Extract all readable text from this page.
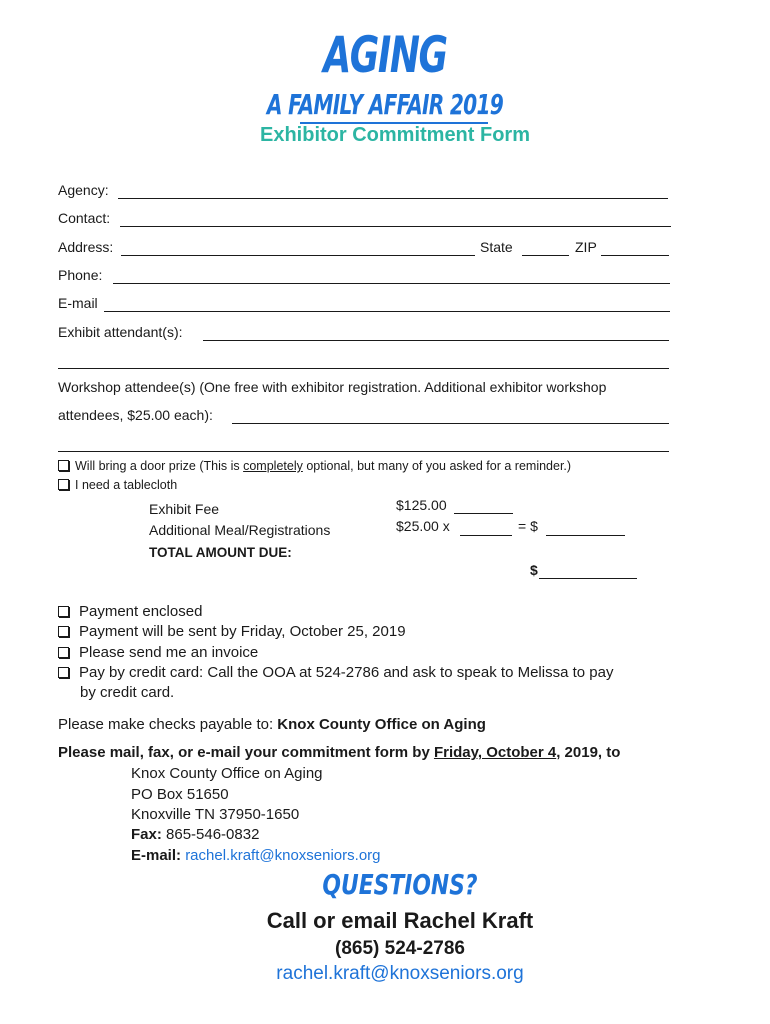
AGING
A FAMILY AFFAIR 2019
Exhibitor Commitment Form
Agency:
Contact:
Address:	State	ZIP
Phone:
E-mail
Exhibit attendant(s):
Workshop attendee(s) (One free with exhibitor registration. Additional exhibitor workshop
attendees, $25.00 each):
Will bring a door prize (This is completely optional, but many of you asked for a reminder.)
I need a tablecloth
Exhibit Fee	$125.00
Additional Meal/Registrations	$25.00 x	= $
TOTAL AMOUNT DUE:
$
Payment enclosed
Payment will be sent by Friday, October 25, 2019
Please send me an invoice
Pay by credit card: Call the OOA at 524-2786 and ask to speak to Melissa to pay
by credit card.
Please make checks payable to: Knox County Office on Aging
Please mail, fax, or e-mail your commitment form by Friday, October 4, 2019, to
Knox County Office on Aging
PO Box 51650
Knoxville TN 37950-1650
Fax: 865-546-0832
E-mail: rachel.kraft@knoxseniors.org
QUESTIONS?
Call or email Rachel Kraft
(865) 524-2786
rachel.kraft@knoxseniors.org
